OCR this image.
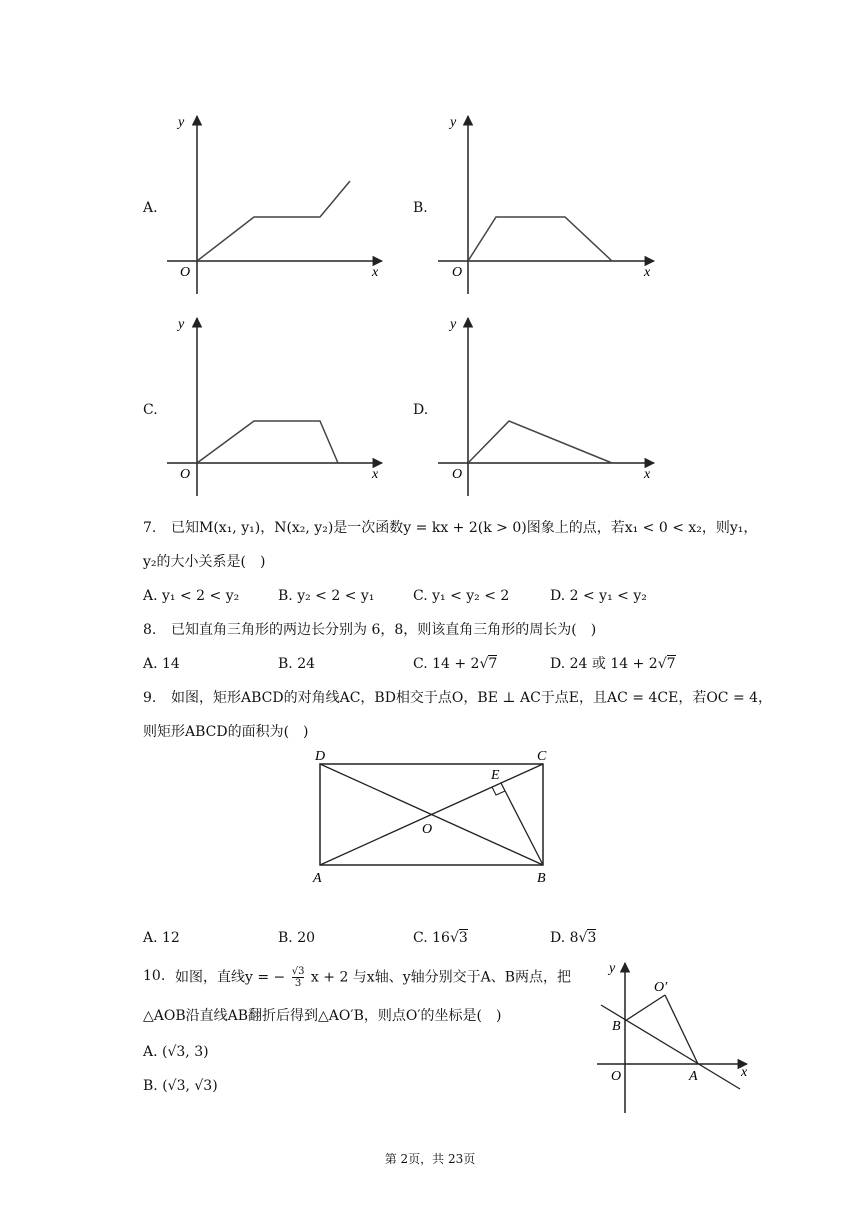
A.
y
x
O
B.
y
x
O
C.
y
x
O
D.
y
x
O
7. 已知M(x₁, y₁)，N(x₂, y₂)是一次函数y = kx + 2(k > 0)图象上的点，若x₁ < 0 < x₂，则y₁，
y₂的大小关系是(　)
A. y₁ < 2 < y₂	B. y₂ < 2 < y₁	C. y₁ < y₂ < 2	D. 2 < y₁ < y₂
8. 已知直角三角形的两边长分别为 6，8，则该直角三角形的周长为(　)
A. 14	B. 24	C. 14 + 2√7	D. 24 或 14 + 2√7
9. 如图，矩形ABCD的对角线AC，BD相交于点O，BE ⊥ AC于点E，且AC = 4CE，若OC = 4，
则矩形ABCD的面积为(　)
D	C
E
O
A	B
A. 12	B. 20	C. 16√3	D. 8√3
10. 如图，直线y = − $\frac{√3}{3}$ x + 2 与x轴、y轴分别交于A、B两点，把
△AOB沿直线AB翻折后得到△AO′B，则点O′的坐标是(　)
A. (√3, 3)
B. (√3, √3)
y
x
O	A
B
O′
第 2页，共 23页
